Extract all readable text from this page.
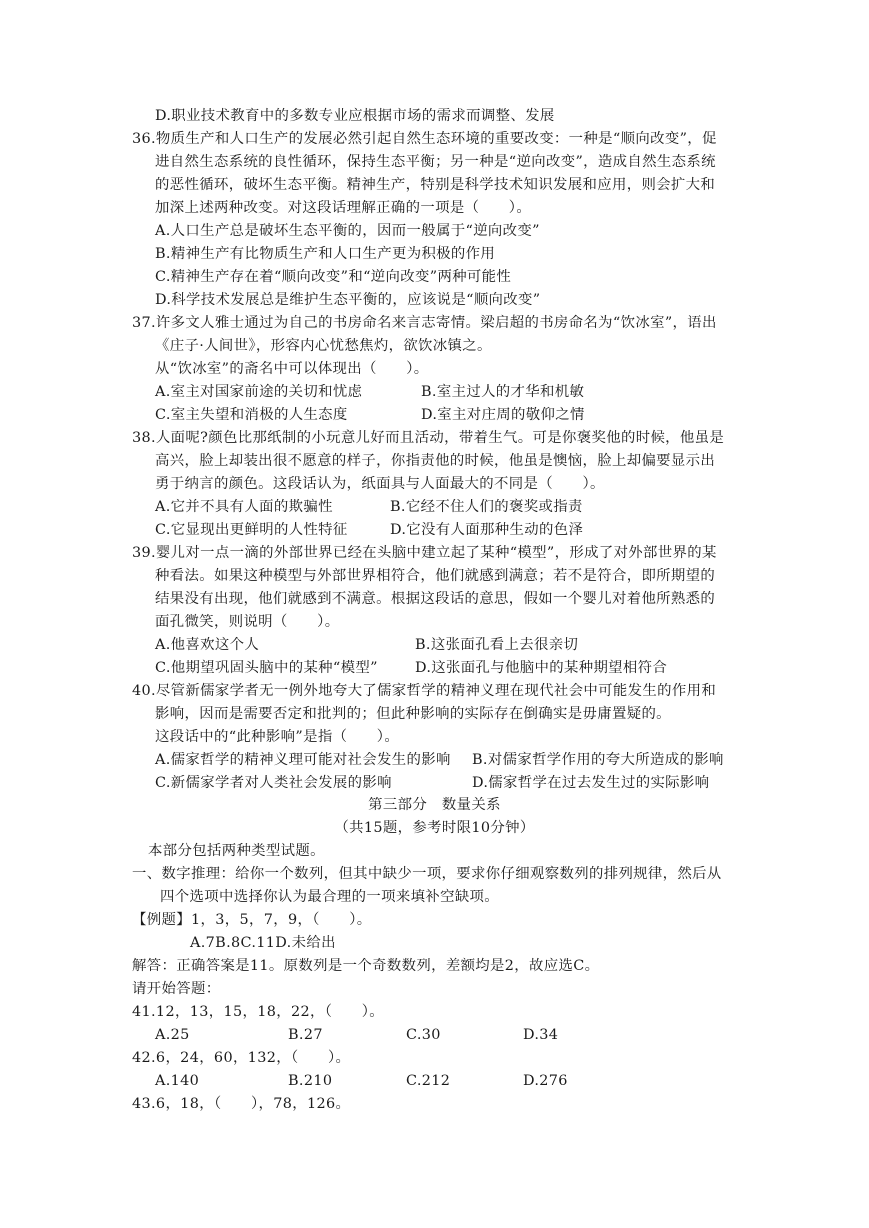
D.职业技术教育中的多数专业应根据市场的需求而调整、发展
36.物质生产和人口生产的发展必然引起自然生态环境的重要改变：一种是“顺向改变”，促
进自然生态系统的良性循环，保持生态平衡；另一种是“逆向改变”，造成自然生态系统
的恶性循环，破坏生态平衡。精神生产，特别是科学技术知识发展和应用，则会扩大和
加深上述两种改变。对这段话理解正确的一项是（　　）。
A.人口生产总是破坏生态平衡的，因而一般属于“逆向改变”
B.精神生产有比物质生产和人口生产更为积极的作用
C.精神生产存在着“顺向改变”和“逆向改变”两种可能性
D.科学技术发展总是维护生态平衡的，应该说是“顺向改变”
37.许多文人雅士通过为自己的书房命名来言志寄情。梁启超的书房命名为“饮冰室”，语出
《庄子·人间世》，形容内心忧愁焦灼，欲饮冰镇之。
从“饮冰室”的斋名中可以体现出（　　）。
A.室主对国家前途的关切和忧虑	B.室主过人的才华和机敏
C.室主失望和消极的人生态度	D.室主对庄周的敬仰之情
38.人面呢?颜色比那纸制的小玩意儿好而且活动，带着生气。可是你褒奖他的时候，他虽是
高兴，脸上却装出很不愿意的样子，你指责他的时候，他虽是懊恼，脸上却偏要显示出
勇于纳言的颜色。这段话认为，纸面具与人面最大的不同是（　　）。
A.它并不具有人面的欺骗性	B.它经不住人们的褒奖或指责
C.它显现出更鲜明的人性特征	D.它没有人面那种生动的色泽
39.婴儿对一点一滴的外部世界已经在头脑中建立起了某种“模型”，形成了对外部世界的某
种看法。如果这种模型与外部世界相符合，他们就感到满意；若不是符合，即所期望的
结果没有出现，他们就感到不满意。根据这段话的意思，假如一个婴儿对着他所熟悉的
面孔微笑，则说明（　　）。
A.他喜欢这个人	B.这张面孔看上去很亲切
C.他期望巩固头脑中的某种“模型”	D.这张面孔与他脑中的某种期望相符合
40.尽管新儒家学者无一例外地夸大了儒家哲学的精神义理在现代社会中可能发生的作用和
影响，因而是需要否定和批判的；但此种影响的实际存在倒确实是毋庸置疑的。
这段话中的“此种影响”是指（　　）。
A.儒家哲学的精神义理可能对社会发生的影响 B.对儒家哲学作用的夸大所造成的影响
C.新儒家学者对人类社会发展的影响	D.儒家哲学在过去发生过的实际影响
第三部分　数量关系
（共15题，参考时限10分钟）
本部分包括两种类型试题。
一、数字推理：给你一个数列，但其中缺少一项，要求你仔细观察数列的排列规律，然后从
四个选项中选择你认为最合理的一项来填补空缺项。
【例题】1，3，5，7，9，（　　）。
A.7B.8C.11D.未给出
解答：正确答案是11。原数列是一个奇数数列，差额均是2，故应选C。
请开始答题：
41.12，13，15，18，22，（　　）。
A.25	B.27	C.30	D.34
42.6，24，60，132，（　　）。
A.140	B.210	C.212	D.276
43.6，18，（　　），78，126。
